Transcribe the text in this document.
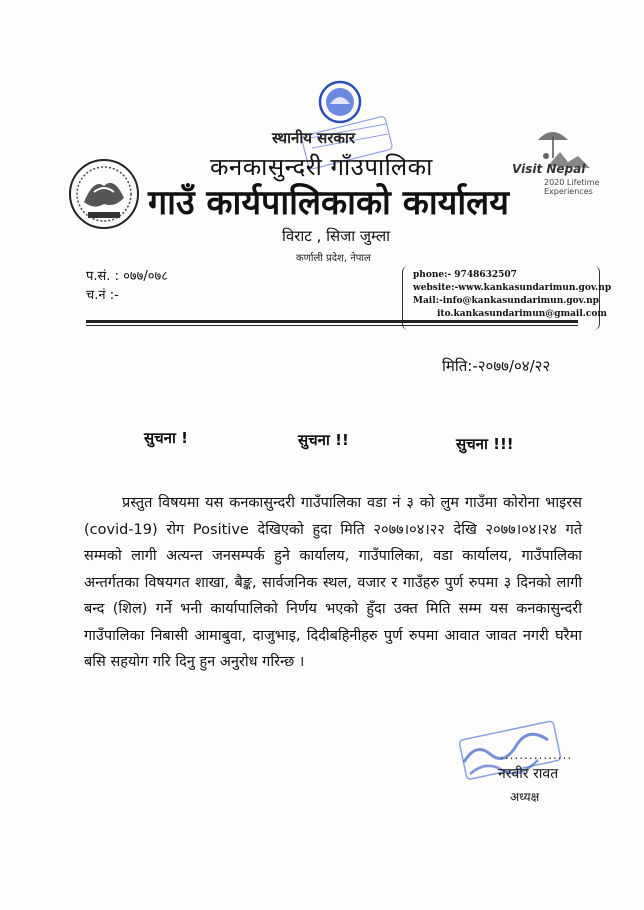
स्थानीय सरकार
कनकासुन्दरी गाँउपालिका
गाउँ कार्यपालिकाको कार्यालय
विराट , सिजा जुम्ला
कर्णाली प्रदेश, नेपाल
Visit Nepal
2020 Lifetime Experiences
प.सं. : ०७७/०७८
च.नं :-
phone:- 9748632507
website:-www.kankasundarimun.gov.np
Mail:-info@kankasundarimun.gov.np
ito.kankasundarimun@gmail.com
मिति:-२०७७/०४/२२
सुचना !	सुचना !!	सुचना !!!
प्रस्तुत विषयमा यस कनकासुन्दरी गाउँपालिका वडा नं ३ को लुम गाउँमा कोरोना भाइरस (covid-19) रोग Positive देखिएको हुदा मिति २०७७।०४।२२ देखि २०७७।०४।२४ गते सम्मको लागी अत्यन्त जनसम्पर्क हुने कार्यालय, गाउँपालिका, वडा कार्यालय, गाउँपालिका अन्तर्गतका विषयगत शाखा, बैङ्क, सार्वजनिक स्थल, वजार र गाउँहरु पुर्ण रुपमा ३ दिनको लागी बन्द (शिल) गर्ने भनी कार्यापालिको निर्णय भएको हुँदा उक्त मिति सम्म यस कनकासुन्दरी गाउँपालिका निबासी आमाबुवा, दाजुभाइ, दिदीबहिनीहरु पुर्ण रुपमा आवात जावत नगरी घरैमा बसि सहयोग गरि दिनु हुन अनुरोध गरिन्छ ।
...............
नरवीर रावत
अध्यक्ष
